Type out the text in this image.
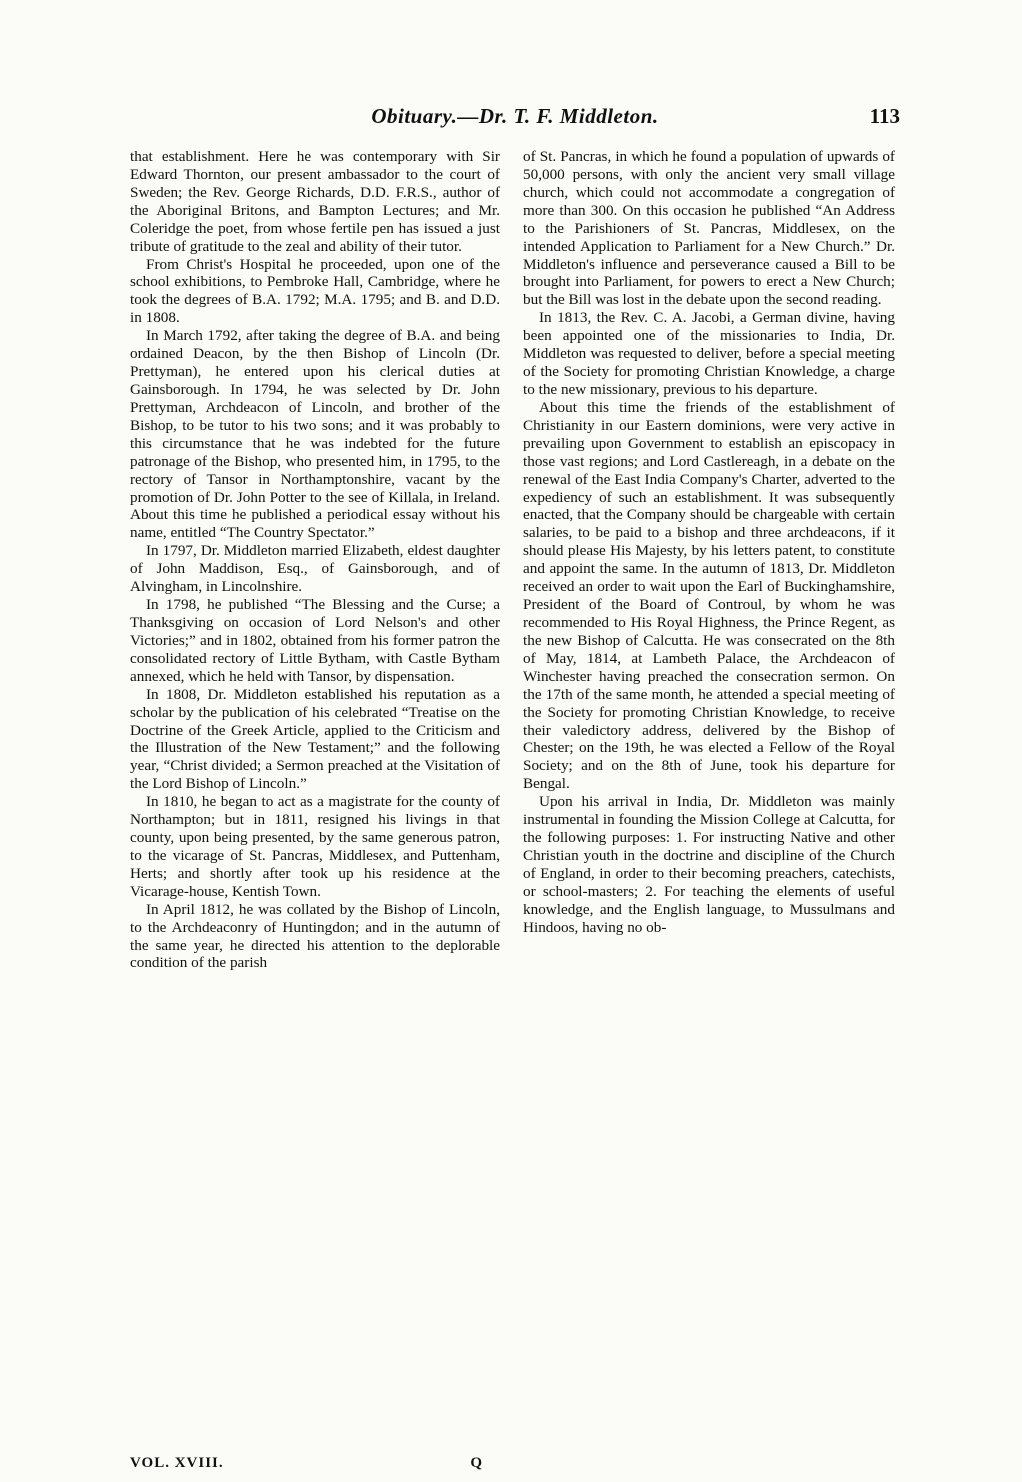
Obituary.—Dr. T. F. Middleton.	113

that establishment. Here he was contemporary with Sir Edward Thornton, our present ambassador to the court of Sweden; the Rev. George Richards, D.D. F.R.S., author of the Aboriginal Britons, and Bampton Lectures; and Mr. Coleridge the poet, from whose fertile pen has issued a just tribute of gratitude to the zeal and ability of their tutor.

From Christ's Hospital he proceeded, upon one of the school exhibitions, to Pembroke Hall, Cambridge, where he took the degrees of B.A. 1792; M.A. 1795; and B. and D.D. in 1808.

In March 1792, after taking the degree of B.A. and being ordained Deacon, by the then Bishop of Lincoln (Dr. Prettyman), he entered upon his clerical duties at Gainsborough. In 1794, he was selected by Dr. John Prettyman, Archdeacon of Lincoln, and brother of the Bishop, to be tutor to his two sons; and it was probably to this circumstance that he was indebted for the future patronage of the Bishop, who presented him, in 1795, to the rectory of Tansor in Northamptonshire, vacant by the promotion of Dr. John Potter to the see of Killala, in Ireland. About this time he published a periodical essay without his name, entitled “The Country Spectator.”

In 1797, Dr. Middleton married Elizabeth, eldest daughter of John Maddison, Esq., of Gainsborough, and of Alvingham, in Lincolnshire.

In 1798, he published “The Blessing and the Curse; a Thanksgiving on occasion of Lord Nelson's and other Victories;” and in 1802, obtained from his former patron the consolidated rectory of Little Bytham, with Castle Bytham annexed, which he held with Tansor, by dispensation.

In 1808, Dr. Middleton established his reputation as a scholar by the publication of his celebrated “Treatise on the Doctrine of the Greek Article, applied to the Criticism and the Illustration of the New Testament;” and the following year, “Christ divided; a Sermon preached at the Visitation of the Lord Bishop of Lincoln.”

In 1810, he began to act as a magistrate for the county of Northampton; but in 1811, resigned his livings in that county, upon being presented, by the same generous patron, to the vicarage of St. Pancras, Middlesex, and Puttenham, Herts; and shortly after took up his residence at the Vicarage-house, Kentish Town.

In April 1812, he was collated by the Bishop of Lincoln, to the Archdeaconry of Huntingdon; and in the autumn of the same year, he directed his attention to the deplorable condition of the parish

of St. Pancras, in which he found a population of upwards of 50,000 persons, with only the ancient very small village church, which could not accommodate a congregation of more than 300. On this occasion he published “An Address to the Parishioners of St. Pancras, Middlesex, on the intended Application to Parliament for a New Church.” Dr. Middleton's influence and perseverance caused a Bill to be brought into Parliament, for powers to erect a New Church; but the Bill was lost in the debate upon the second reading.

In 1813, the Rev. C. A. Jacobi, a German divine, having been appointed one of the missionaries to India, Dr. Middleton was requested to deliver, before a special meeting of the Society for promoting Christian Knowledge, a charge to the new missionary, previous to his departure.

About this time the friends of the establishment of Christianity in our Eastern dominions, were very active in prevailing upon Government to establish an episcopacy in those vast regions; and Lord Castlereagh, in a debate on the renewal of the East India Company's Charter, adverted to the expediency of such an establishment. It was subsequently enacted, that the Company should be chargeable with certain salaries, to be paid to a bishop and three archdeacons, if it should please His Majesty, by his letters patent, to constitute and appoint the same. In the autumn of 1813, Dr. Middleton received an order to wait upon the Earl of Buckinghamshire, President of the Board of Controul, by whom he was recommended to His Royal Highness, the Prince Regent, as the new Bishop of Calcutta. He was consecrated on the 8th of May, 1814, at Lambeth Palace, the Archdeacon of Winchester having preached the consecration sermon. On the 17th of the same month, he attended a special meeting of the Society for promoting Christian Knowledge, to receive their valedictory address, delivered by the Bishop of Chester; on the 19th, he was elected a Fellow of the Royal Society; and on the 8th of June, took his departure for Bengal.

Upon his arrival in India, Dr. Middleton was mainly instrumental in founding the Mission College at Calcutta, for the following purposes: 1. For instructing Native and other Christian youth in the doctrine and discipline of the Church of England, in order to their becoming preachers, catechists, or school-masters; 2. For teaching the elements of useful knowledge, and the English language, to Mussulmans and Hindoos, having no ob-

VOL. XVIII.	Q
